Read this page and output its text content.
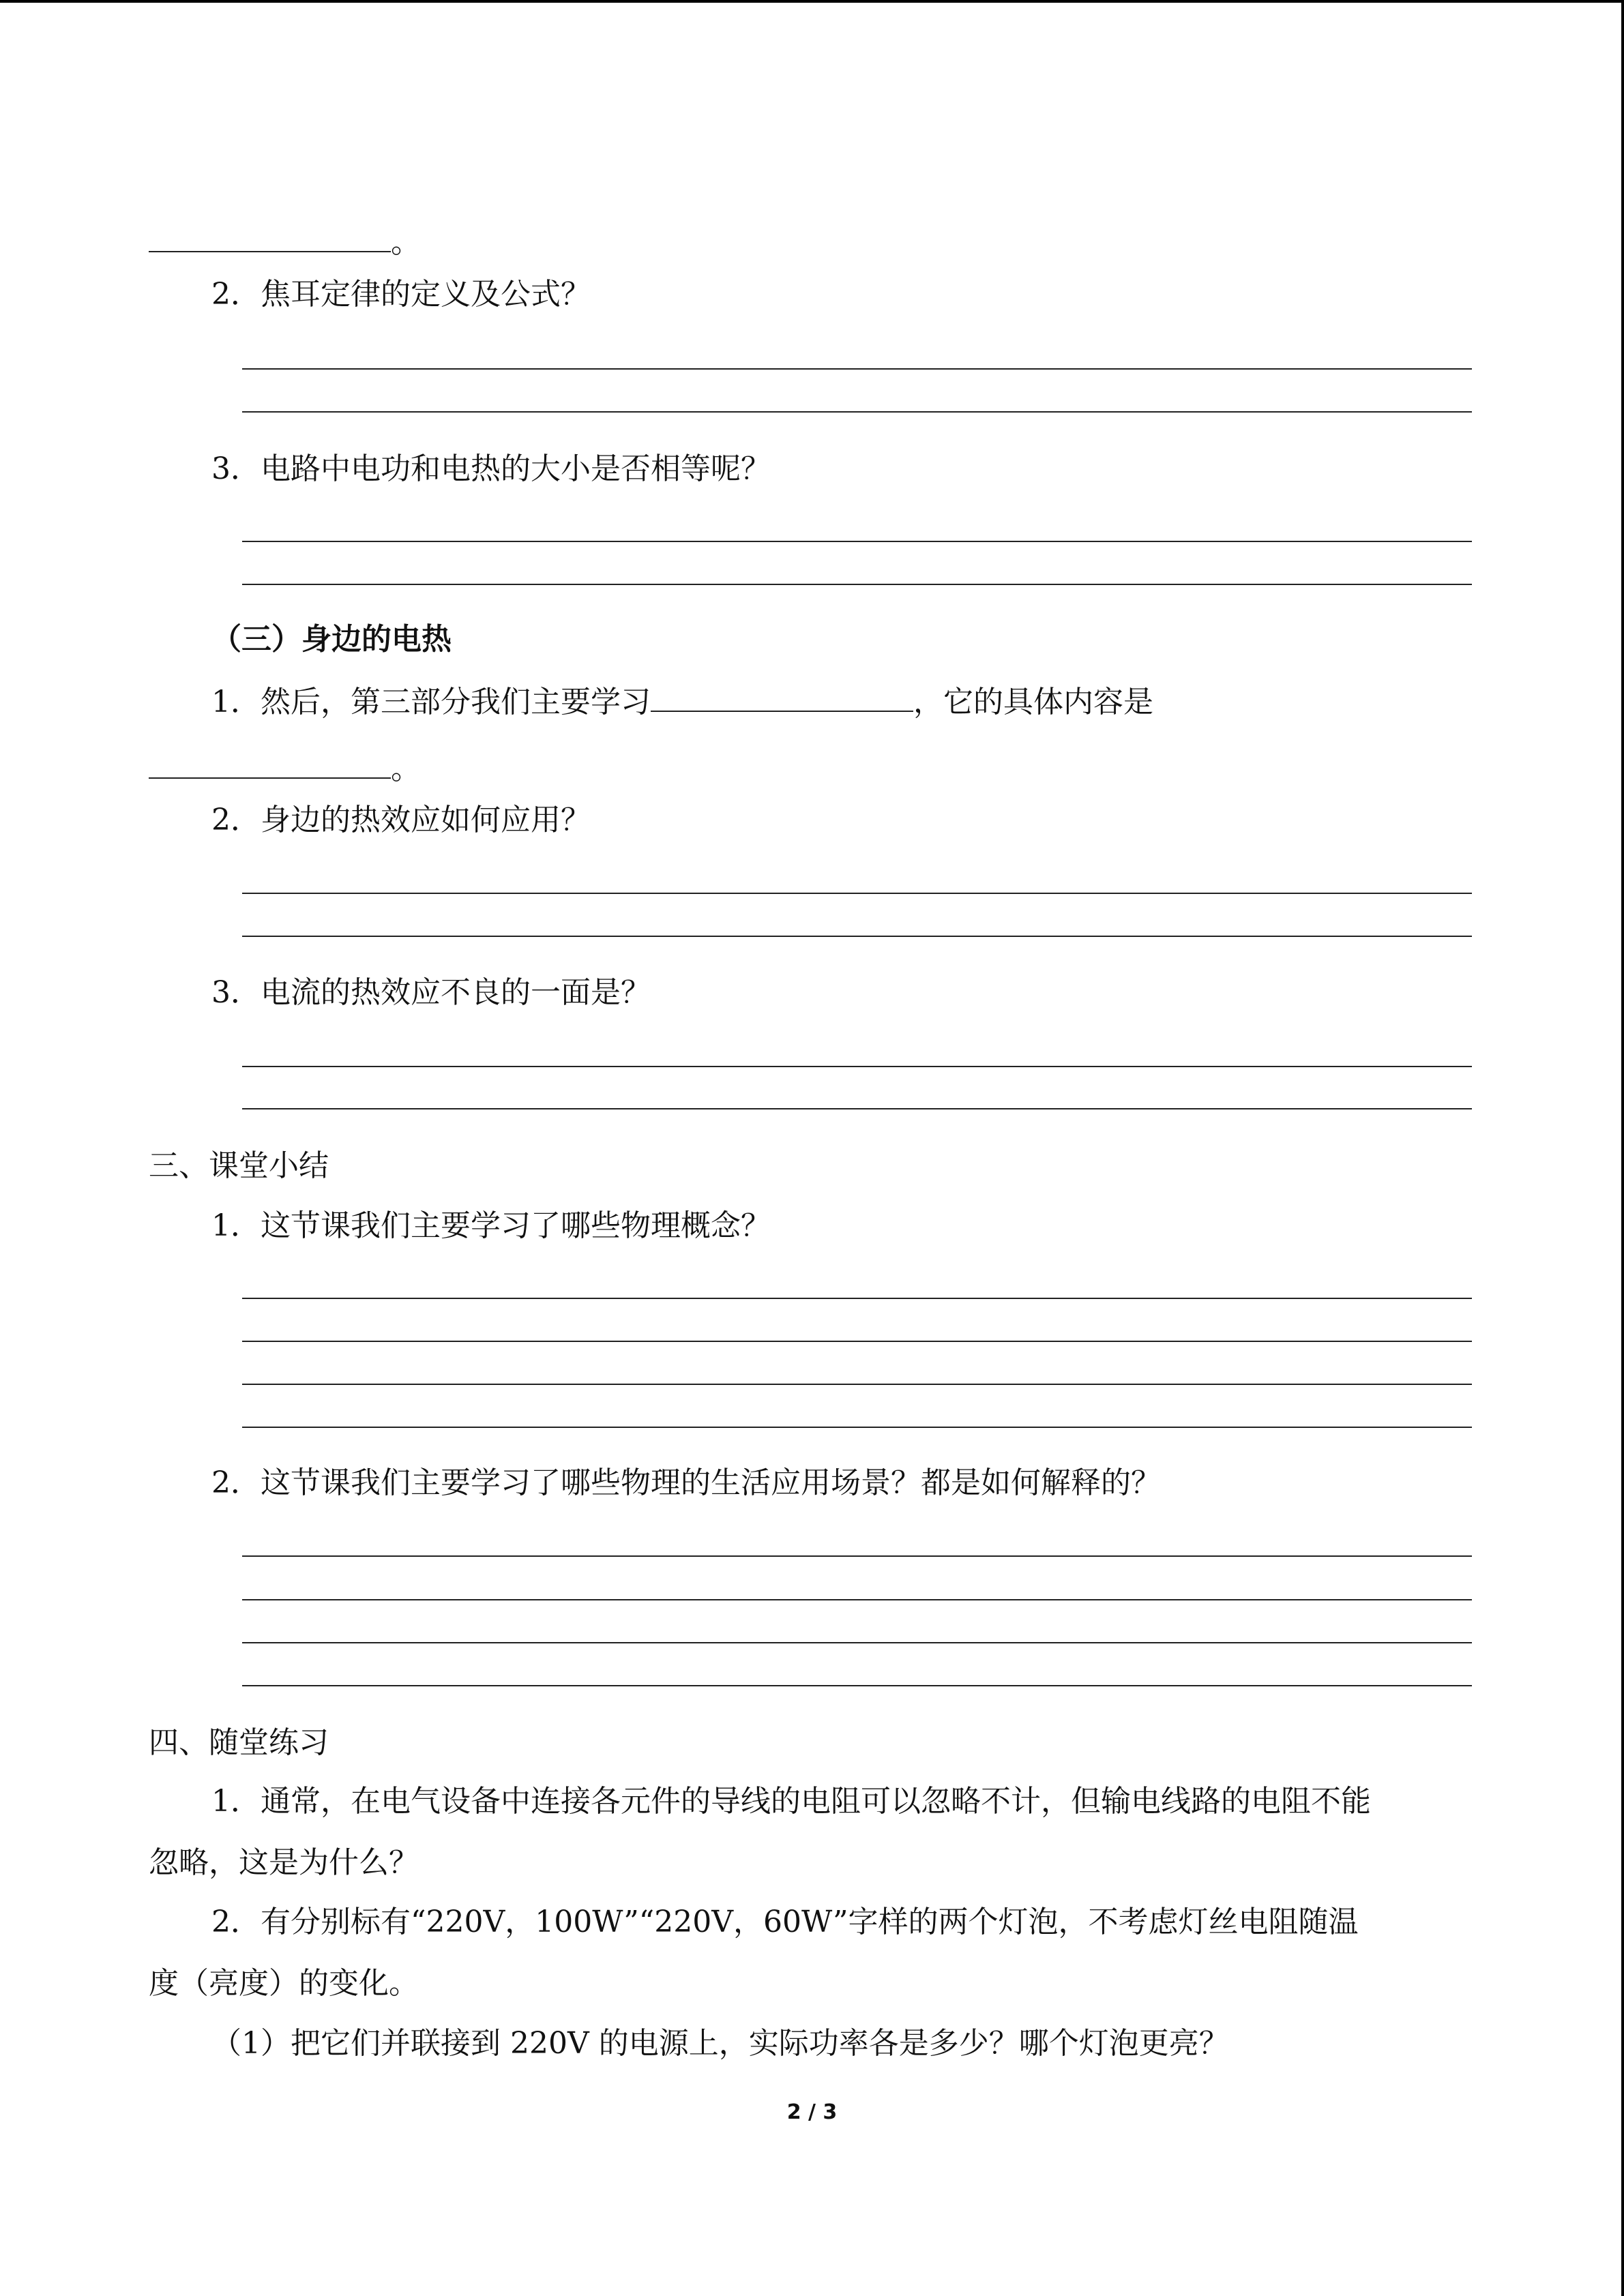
。
2．焦耳定律的定义及公式？
3．电路中电功和电热的大小是否相等呢？
（三）身边的电热
1．然后，第三部分我们主要学习	，它的具体内容是
。
2．身边的热效应如何应用？
3．电流的热效应不良的一面是？
三、课堂小结
1．这节课我们主要学习了哪些物理概念？
2．这节课我们主要学习了哪些物理的生活应用场景？都是如何解释的？
四、随堂练习
1．通常，在电气设备中连接各元件的导线的电阻可以忽略不计，但输电线路的电阻不能
忽略，这是为什么？
2．有分别标有“220V，100W”“220V，60W”字样的两个灯泡，不考虑灯丝电阻随温
度（亮度）的变化。
（1）把它们并联接到 220V 的电源上，实际功率各是多少？哪个灯泡更亮？
2 / 3
